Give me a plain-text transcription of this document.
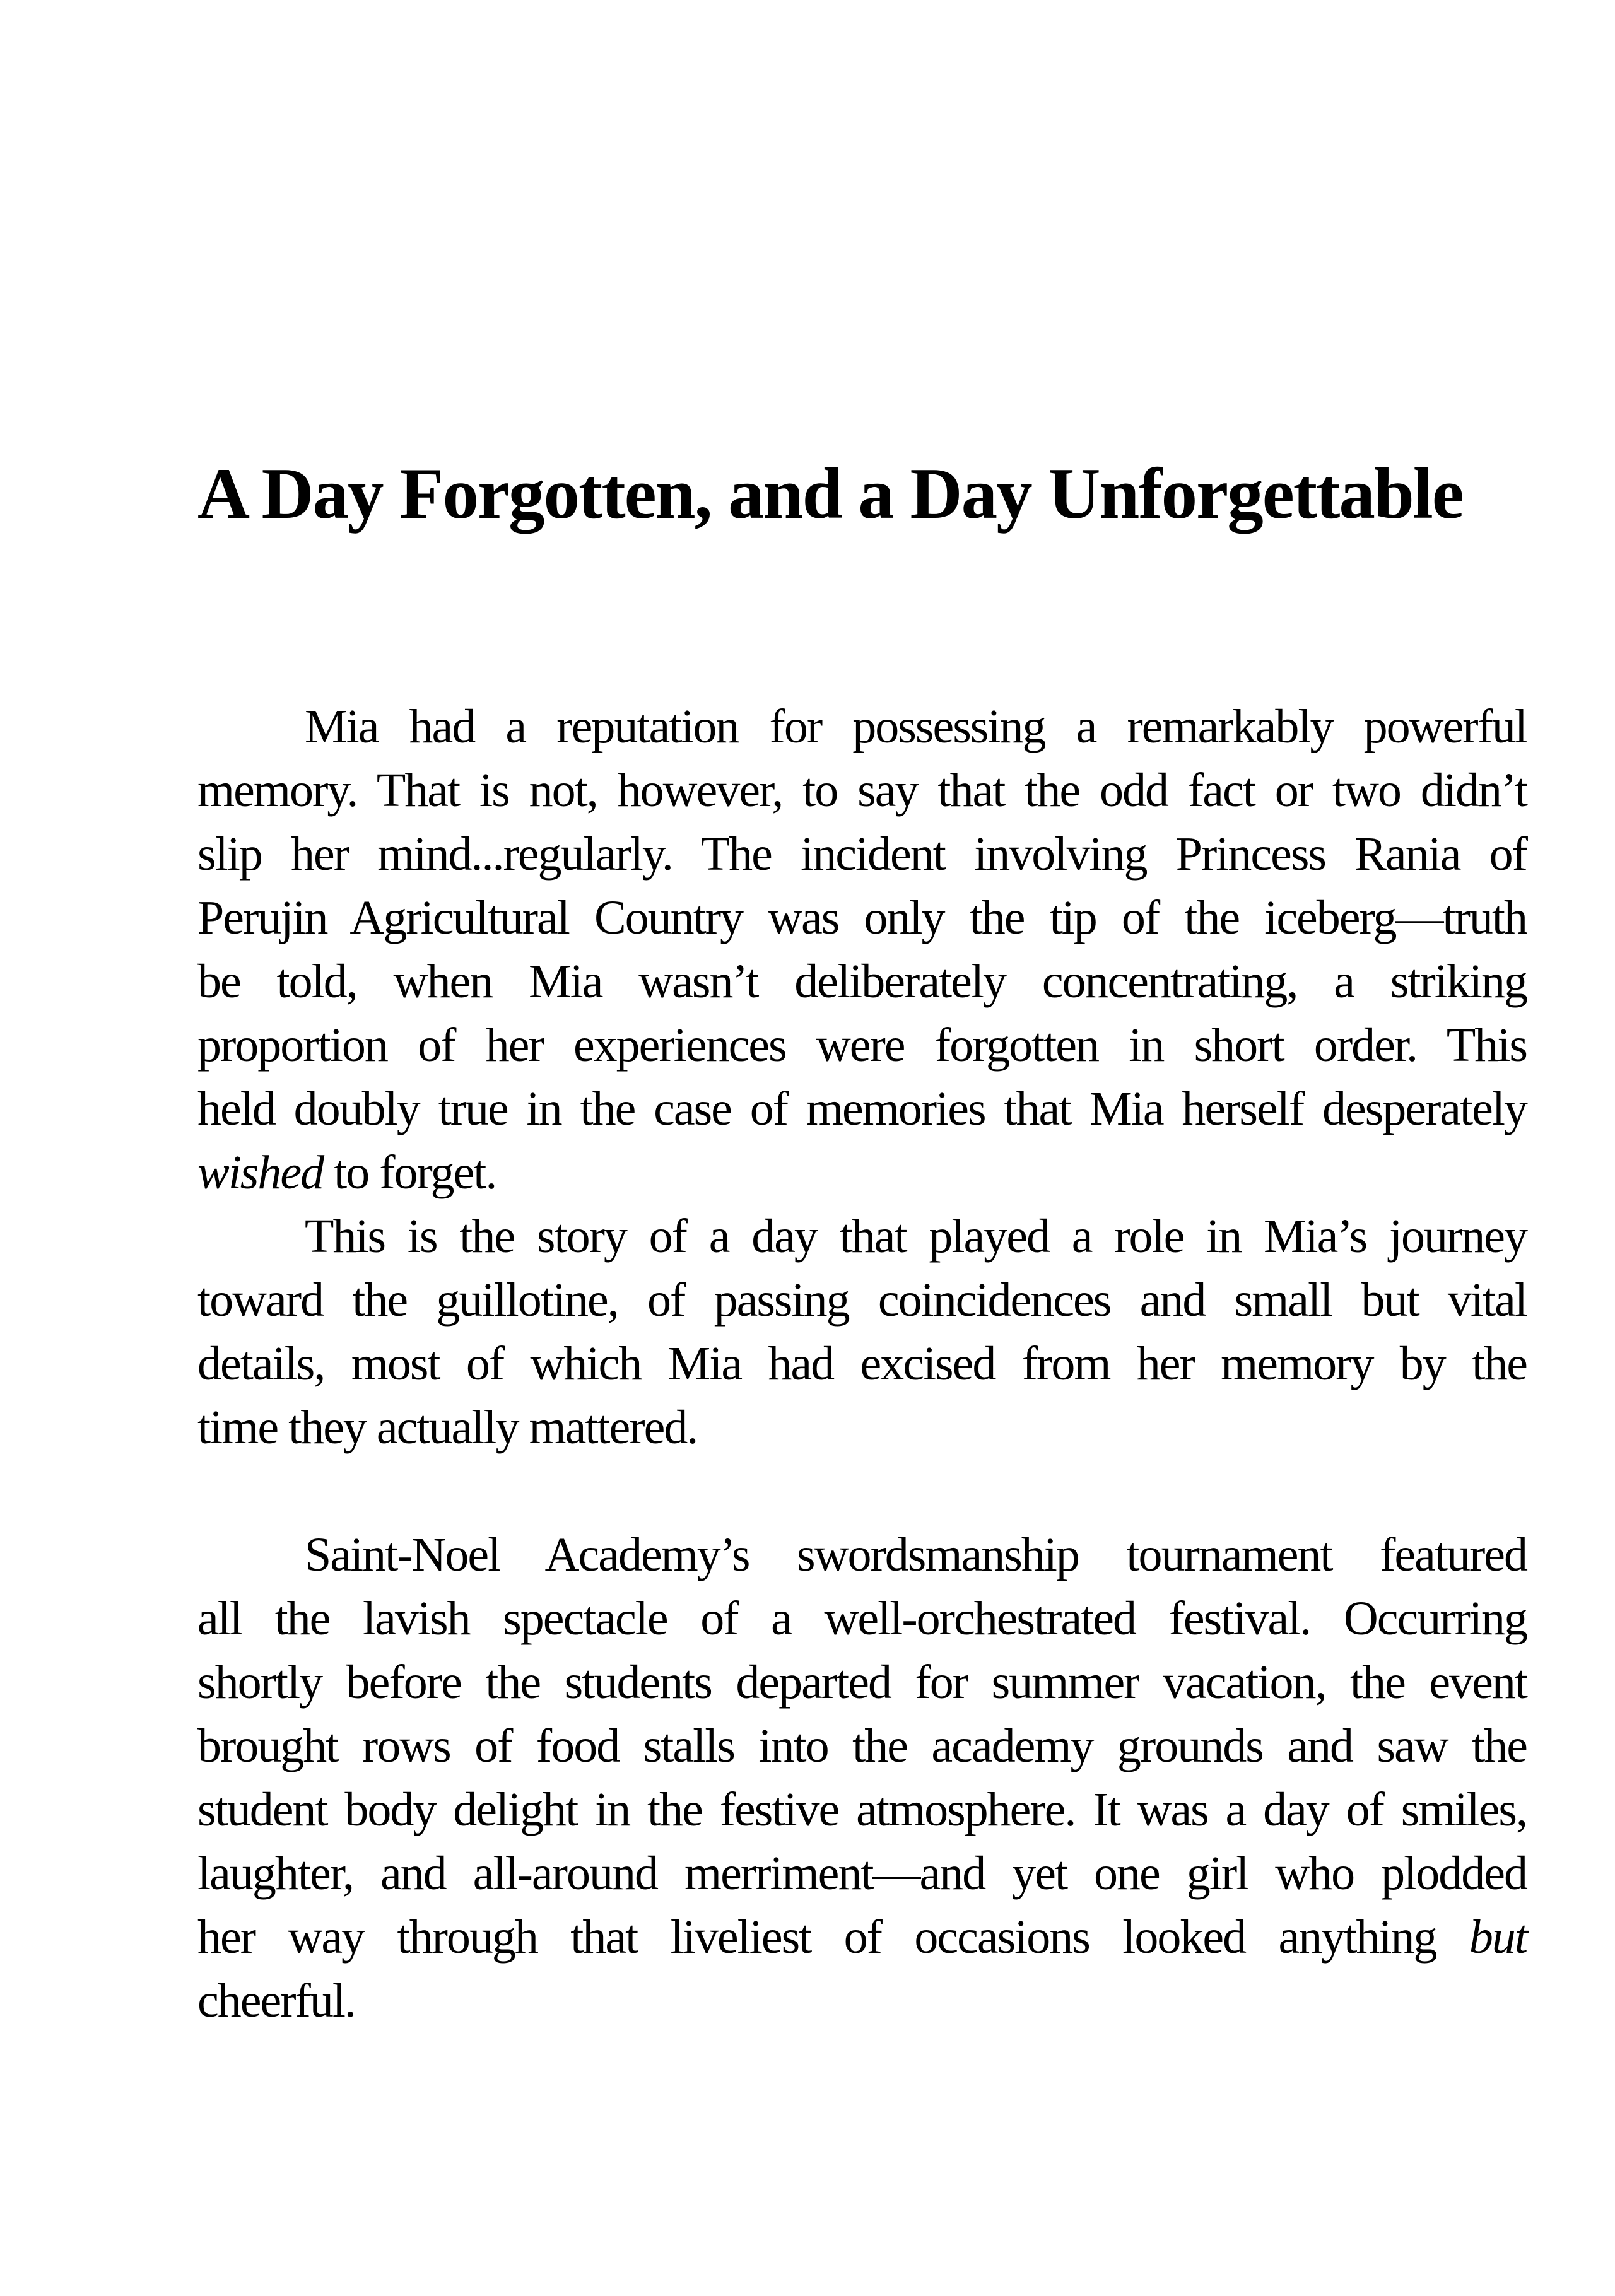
A Day Forgotten, and a Day Unforgettable
Mia had a reputation for possessing a remarkably powerful
memory. That is not, however, to say that the odd fact or two didn’t
slip her mind...regularly. The incident involving Princess Rania of
Perujin Agricultural Country was only the tip of the iceberg—truth
be told, when Mia wasn’t deliberately concentrating, a striking
proportion of her experiences were forgotten in short order. This
held doubly true in the case of memories that Mia herself desperately
wished to forget.
This is the story of a day that played a role in Mia’s journey
toward the guillotine, of passing coincidences and small but vital
details, most of which Mia had excised from her memory by the
time they actually mattered.
Saint-Noel Academy’s swordsmanship tournament featured
all the lavish spectacle of a well-orchestrated festival. Occurring
shortly before the students departed for summer vacation, the event
brought rows of food stalls into the academy grounds and saw the
student body delight in the festive atmosphere. It was a day of smiles,
laughter, and all-around merriment—and yet one girl who plodded
her way through that liveliest of occasions looked anything but
cheerful.
